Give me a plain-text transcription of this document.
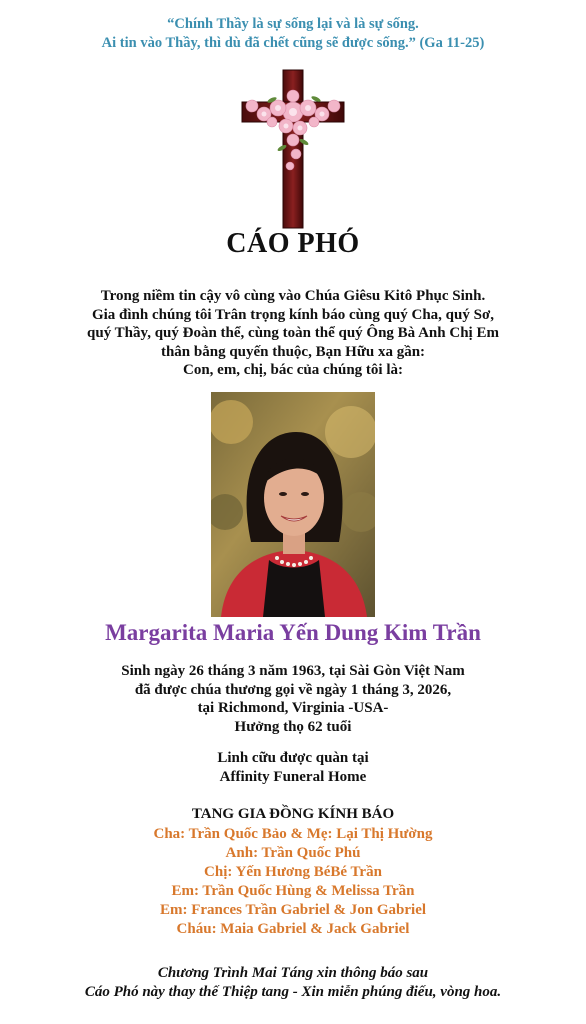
“Chính Thầy là sự sống lại và là sự sống.
Ai tin vào Thầy, thì dù đã chết cũng sẽ được sống.” (Ga 11-25)
CÁO PHÓ
Trong niềm tin cậy vô cùng vào Chúa Giêsu Kitô Phục Sinh.
Gia đình chúng tôi Trân trọng kính báo cùng quý Cha, quý Sơ,
quý Thầy, quý Đoàn thể, cùng toàn thể quý Ông Bà Anh Chị Em
thân bằng quyến thuộc, Bạn Hữu xa gần:
Con, em, chị, bác của chúng tôi là:
Margarita Maria Yến Dung Kim Trần
Sinh ngày 26 tháng 3 năm 1963, tại Sài Gòn Việt Nam
đã được chúa thương gọi về ngày 1 tháng 3, 2026,
tại Richmond, Virginia -USA-
Hưởng thọ 62 tuổi
Linh cữu được quàn tại
Affinity Funeral Home
TANG GIA ĐỒNG KÍNH BÁO
Cha: Trần Quốc Bảo & Mẹ: Lại Thị Hường
Anh: Trần Quốc Phú
Chị: Yến Hương BéBé Trần
Em: Trần Quốc Hùng & Melissa Trần
Em: Frances Trần Gabriel & Jon Gabriel
Cháu: Maia Gabriel & Jack Gabriel
Chương Trình Mai Táng xin thông báo sau
Cáo Phó này thay thế Thiệp tang - Xin miễn phúng điếu, vòng hoa.
